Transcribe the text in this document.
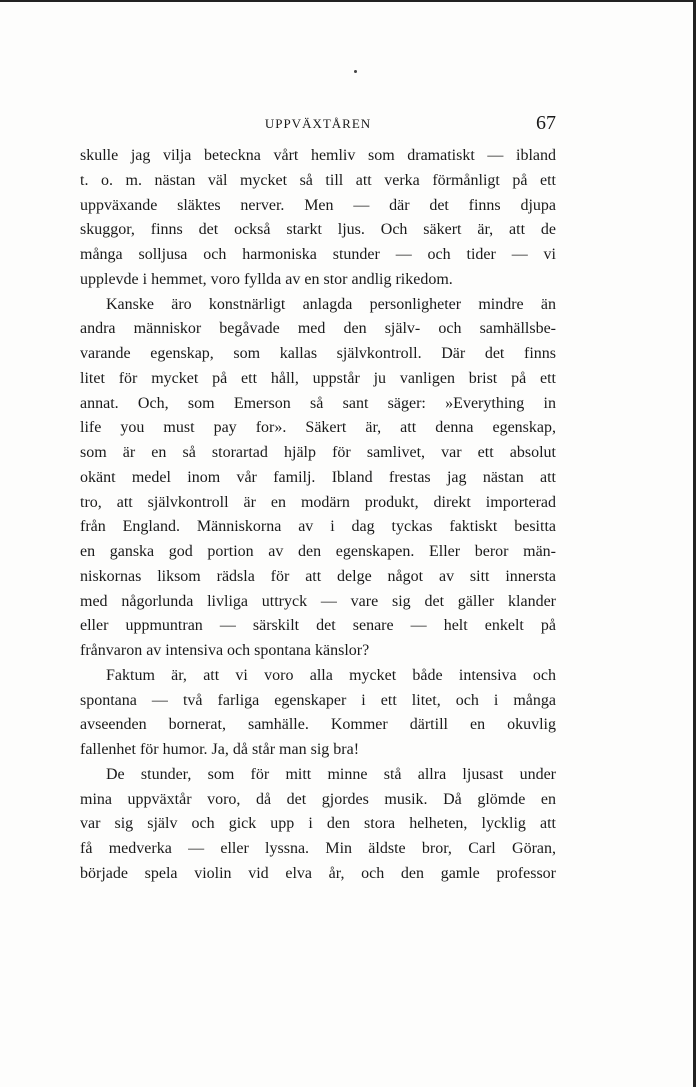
UPPVÄXTÅREN	67
skulle jag vilja beteckna vårt hemliv som dramatiskt — ibland
t. o. m. nästan väl mycket så till att verka förmånligt på ett
uppväxande släktes nerver. Men — där det finns djupa
skuggor, finns det också starkt ljus. Och säkert är, att de
många solljusa och harmoniska stunder — och tider — vi
upplevde i hemmet, voro fyllda av en stor andlig rikedom.
Kanske äro konstnärligt anlagda personligheter mindre än
andra människor begåvade med den själv- och samhällsbe-
varande egenskap, som kallas självkontroll. Där det finns
litet för mycket på ett håll, uppstår ju vanligen brist på ett
annat. Och, som Emerson så sant säger: »Everything in
life you must pay for». Säkert är, att denna egenskap,
som är en så storartad hjälp för samlivet, var ett absolut
okänt medel inom vår familj. Ibland frestas jag nästan att
tro, att självkontroll är en modärn produkt, direkt importerad
från England. Människorna av i dag tyckas faktiskt besitta
en ganska god portion av den egenskapen. Eller beror män-
niskornas liksom rädsla för att delge något av sitt innersta
med någorlunda livliga uttryck — vare sig det gäller klander
eller uppmuntran — särskilt det senare — helt enkelt på
frånvaron av intensiva och spontana känslor?
Faktum är, att vi voro alla mycket både intensiva och
spontana — två farliga egenskaper i ett litet, och i många
avseenden bornerat, samhälle. Kommer därtill en okuvlig
fallenhet för humor. Ja, då står man sig bra!
De stunder, som för mitt minne stå allra ljusast under
mina uppväxtår voro, då det gjordes musik. Då glömde en
var sig själv och gick upp i den stora helheten, lycklig att
få medverka — eller lyssna. Min äldste bror, Carl Göran,
började spela violin vid elva år, och den gamle professor
